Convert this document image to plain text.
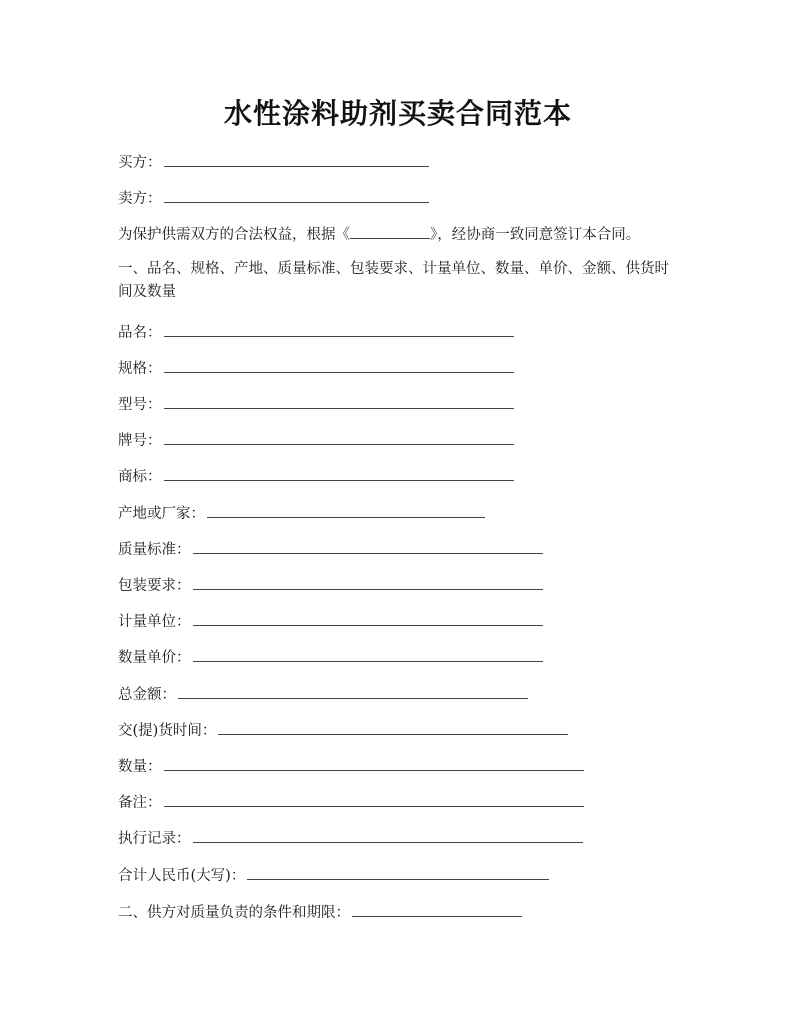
水性涂料助剂买卖合同范本
买方：
卖方：
为保护供需双方的合法权益，根据《	》，经协商一致同意签订本合同。
一、品名、规格、产地、质量标准、包装要求、计量单位、数量、单价、金额、供货时间及数量
品名：
规格：
型号：
牌号：
商标：
产地或厂家：
质量标准：
包装要求：
计量单位：
数量单价：
总金额：
交(提)货时间：
数量：
备注：
执行记录：
合计人民币(大写)：
二、供方对质量负责的条件和期限：
